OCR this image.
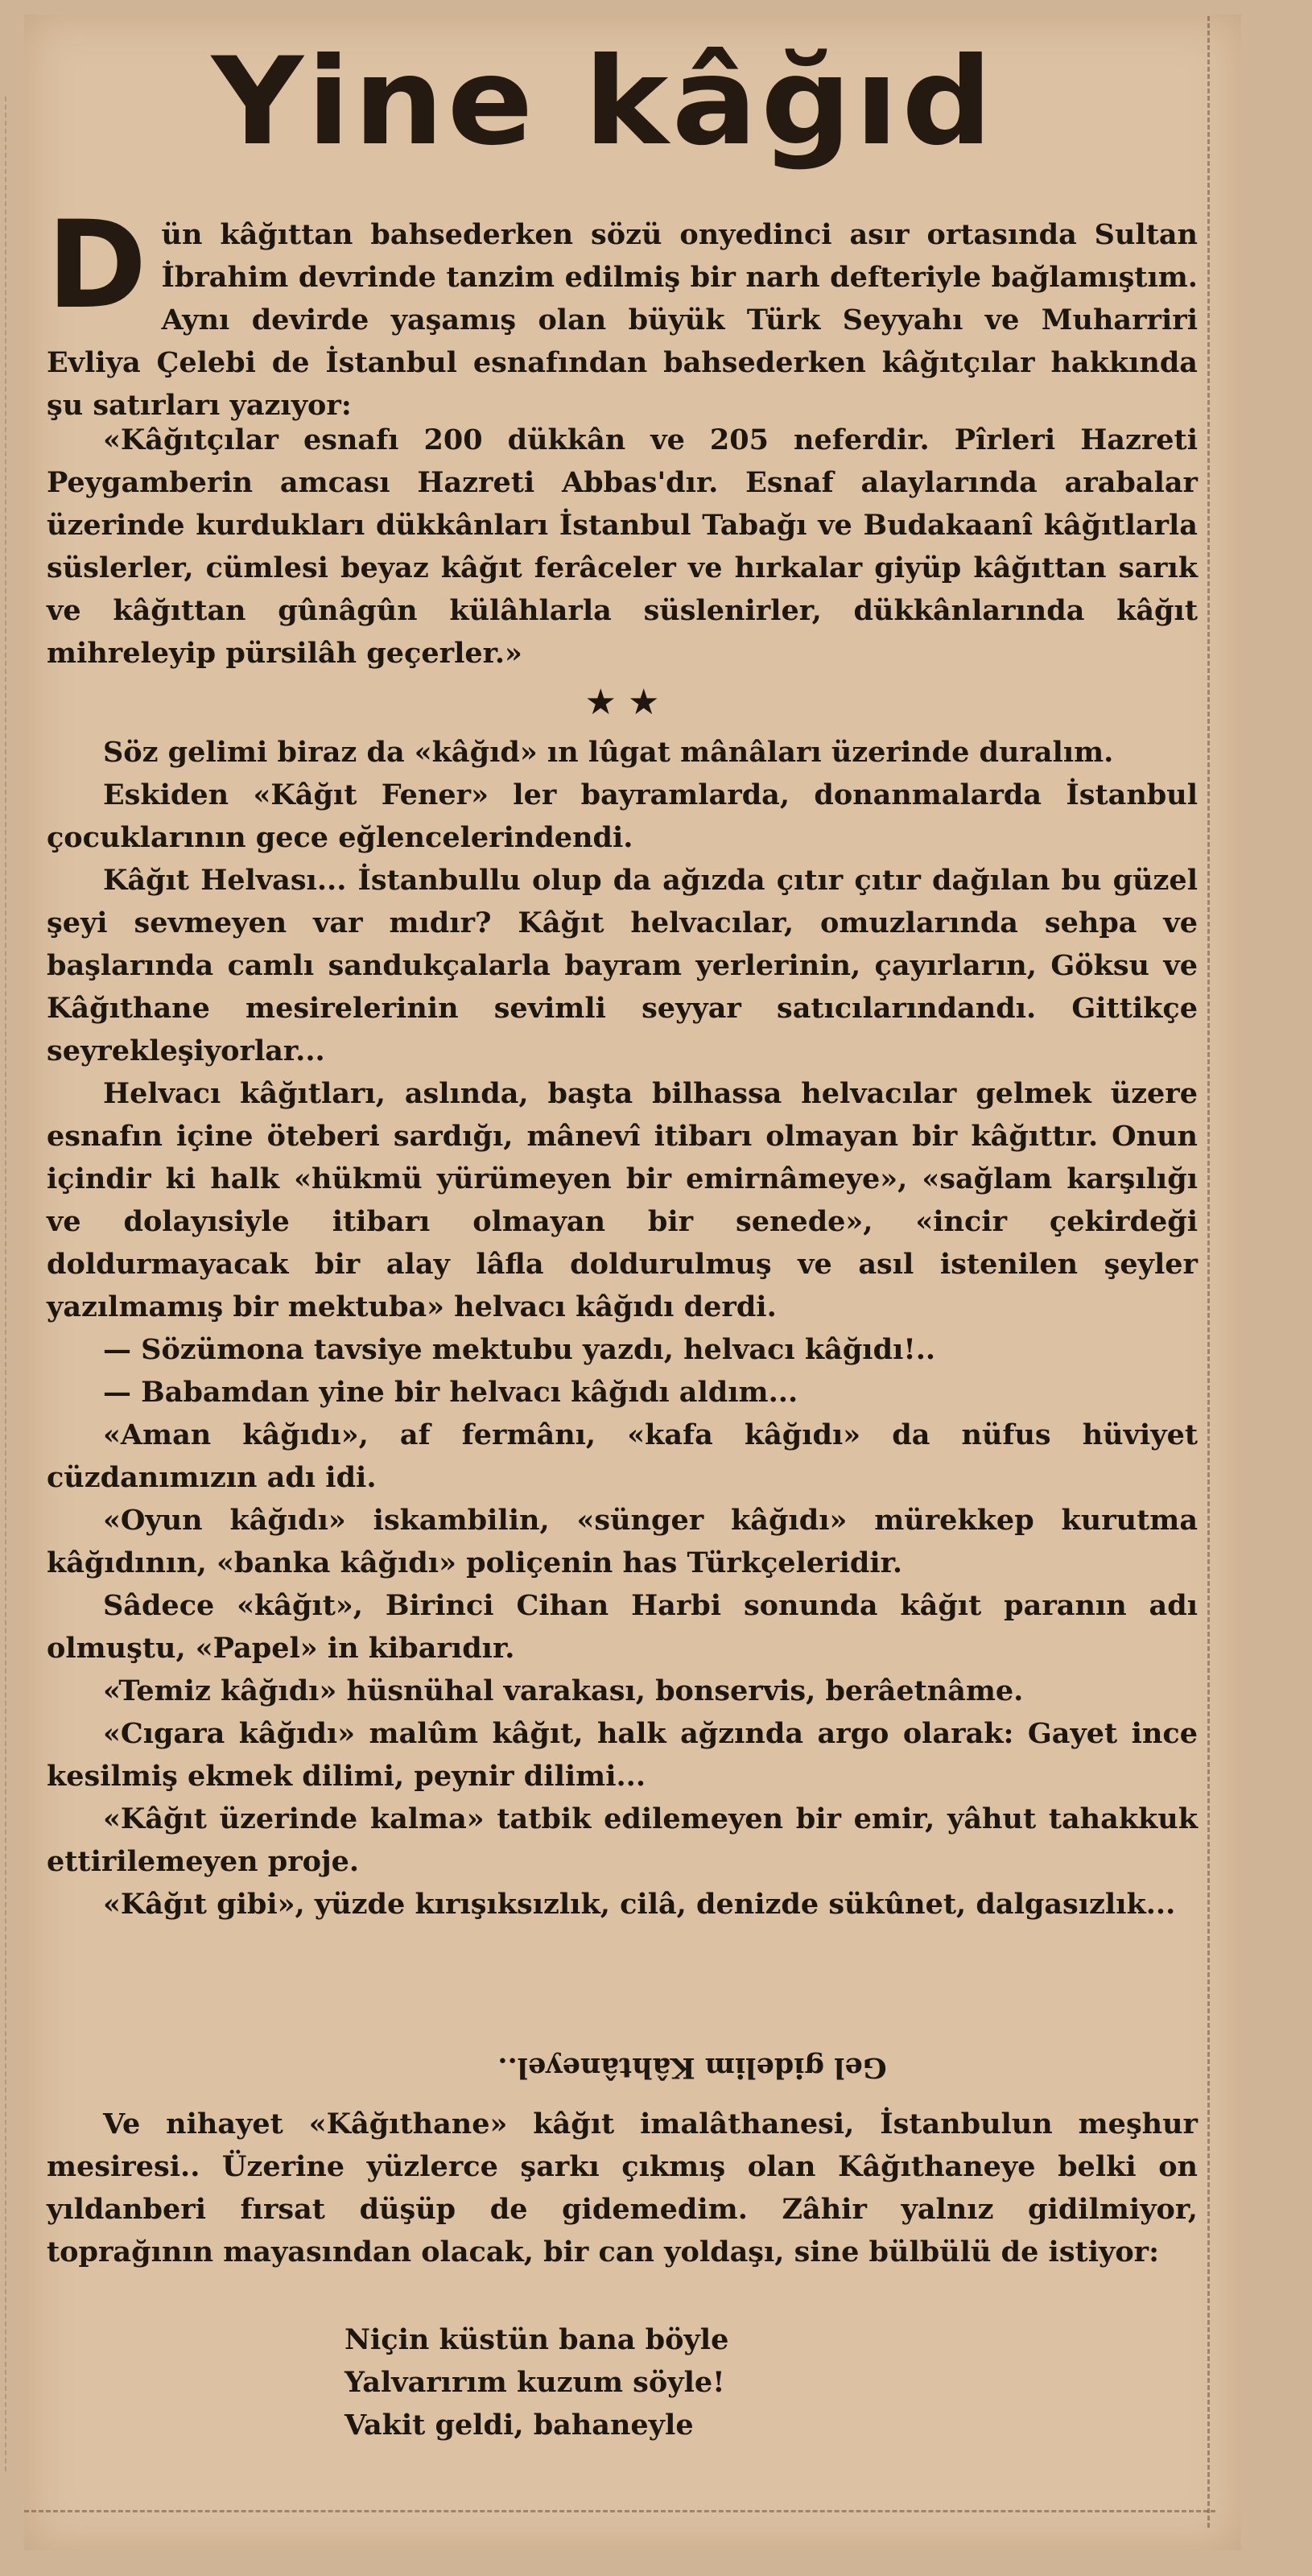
Yine kâğıd
D ün kâğıttan bahsederken sözü onyedinci asır ortasında Sultan İbrahim devrinde tanzim edilmiş bir narh defteriyle bağlamıştım. Aynı devirde yaşamış olan büyük Türk Seyyahı ve Muharriri Evliya Çelebi de İstanbul esnafından bahsederken kâğıtçılar hakkında şu satırları yazıyor:

«Kâğıtçılar esnafı 200 dükkân ve 205 neferdir. Pîrleri Hazreti Peygamberin amcası Hazreti Abbas'dır. Esnaf alaylarında arabalar üzerinde kurdukları dükkânları İstanbul Tabağı ve Budakaanî kâğıtlarla süslerler, cümlesi beyaz kâğıt ferâceler ve hırkalar giyüp kâğıttan sarık ve kâğıttan gûnâgûn külâhlarla süslenirler, dükkânlarında kâğıt mihreleyip pürsilâh geçerler.»

★ ★

Söz gelimi biraz da «kâğıd» ın lûgat mânâları üzerinde duralım.

Eskiden «Kâğıt Fener» ler bayramlarda, donanmalarda İstanbul çocuklarının gece eğlencelerindendi.

Kâğıt Helvası... İstanbullu olup da ağızda çıtır çıtır dağılan bu güzel şeyi sevmeyen var mıdır? Kâğıt helvacılar, omuzlarında sehpa ve başlarında camlı sandukçalarla bayram yerlerinin, çayırların, Göksu ve Kâğıthane mesirelerinin sevimli seyyar satıcılarındandı. Gittikçe seyrekleşiyorlar...

Helvacı kâğıtları, aslında, başta bilhassa helvacılar gelmek üzere esnafın içine öteberi sardığı, mânevî itibarı olmayan bir kâğıttır. Onun içindir ki halk «hükmü yürümeyen bir emirnâmeye», «sağlam karşılığı ve dolayısiyle itibarı olmayan bir senede», «incir çekirdeği doldurmayacak bir alay lâfla doldurulmuş ve asıl istenilen şeyler yazılmamış bir mektuba» helvacı kâğıdı derdi.

— Sözümona tavsiye mektubu yazdı, helvacı kâğıdı!..

— Babamdan yine bir helvacı kâğıdı aldım...

«Aman kâğıdı», af fermânı, «kafa kâğıdı» da nüfus hüviyet cüzdanımızın adı idi.

«Oyun kâğıdı» iskambilin, «sünger kâğıdı» mürekkep kurutma kâğıdının, «banka kâğıdı» poliçenin has Türkçeleridir.

Sâdece «kâğıt», Birinci Cihan Harbi sonunda kâğıt paranın adı olmuştu, «Papel» in kibarıdır.

«Temiz kâğıdı» hüsnühal varakası, bonservis, berâetnâme.

«Cıgara kâğıdı» malûm kâğıt, halk ağzında argo olarak: Gayet ince kesilmiş ekmek dilimi, peynir dilimi...

«Kâğıt üzerinde kalma» tatbik edilemeyen bir emir, yâhut tahakkuk ettirilemeyen proje.

«Kâğıt gibi», yüzde kırışıksızlık, cilâ, denizde sükûnet, dalgasızlık...

Gel gidelim Kâhtâneyel..

Ve nihayet «Kâğıthane» kâğıt imalâthanesi, İstanbulun meşhur mesiresi.. Üzerine yüzlerce şarkı çıkmış olan Kâğıthaneye belki on yıldanberi fırsat düşüp de gidemedim. Zâhir yalnız gidilmiyor, toprağının mayasından olacak, bir can yoldaşı, sine bülbülü de istiyor:

Niçin küstün bana böyle

Yalvarırım kuzum söyle!

Vakit geldi, bahaneyle
